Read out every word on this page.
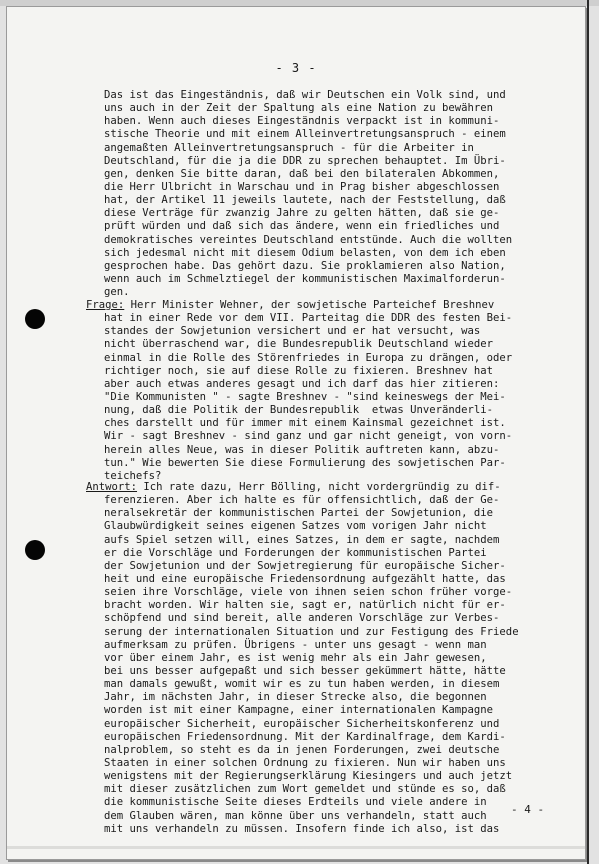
- 3 -
Das ist das Eingeständnis, daß wir Deutschen ein Volk sind, und
uns auch in der Zeit der Spaltung als eine Nation zu bewähren
haben. Wenn auch dieses Eingeständnis verpackt ist in kommuni-
stische Theorie und mit einem Alleinvertretungsanspruch - einem
angemaßten Alleinvertretungsanspruch - für die Arbeiter in
Deutschland, für die ja die DDR zu sprechen behauptet. Im Übri-
gen, denken Sie bitte daran, daß bei den bilateralen Abkommen,
die Herr Ulbricht in Warschau und in Prag bisher abgeschlossen
hat, der Artikel 11 jeweils lautete, nach der Feststellung, daß
diese Verträge für zwanzig Jahre zu gelten hätten, daß sie ge-
prüft würden und daß sich das ändere, wenn ein friedliches und
demokratisches vereintes Deutschland entstünde. Auch die wollten
sich jedesmal nicht mit diesem Odium belasten, von dem ich eben
gesprochen habe. Das gehört dazu. Sie proklamieren also Nation,
wenn auch im Schmelztiegel der kommunistischen Maximalforderun-
gen.
Frage: Herr Minister Wehner, der sowjetische Parteichef Breshnev
hat in einer Rede vor dem VII. Parteitag die DDR des festen Bei-
standes der Sowjetunion versichert und er hat versucht, was
nicht überraschend war, die Bundesrepublik Deutschland wieder
einmal in die Rolle des Störenfriedes in Europa zu drängen, oder
richtiger noch, sie auf diese Rolle zu fixieren. Breshnev hat
aber auch etwas anderes gesagt und ich darf das hier zitieren:
"Die Kommunisten " - sagte Breshnev - "sind keineswegs der Mei-
nung, daß die Politik der Bundesrepublik  etwas Unveränderli-
ches darstellt und für immer mit einem Kainsmal gezeichnet ist.
Wir - sagt Breshnev - sind ganz und gar nicht geneigt, von vorn-
herein alles Neue, was in dieser Politik auftreten kann, abzu-
tun." Wie bewerten Sie diese Formulierung des sowjetischen Par-
teichefs?
Antwort: Ich rate dazu, Herr Bölling, nicht vordergründig zu dif-
ferenzieren. Aber ich halte es für offensichtlich, daß der Ge-
neralsekretär der kommunistischen Partei der Sowjetunion, die
Glaubwürdigkeit seines eigenen Satzes vom vorigen Jahr nicht
aufs Spiel setzen will, eines Satzes, in dem er sagte, nachdem
er die Vorschläge und Forderungen der kommunistischen Partei
der Sowjetunion und der Sowjetregierung für europäische Sicher-
heit und eine europäische Friedensordnung aufgezählt hatte, das
seien ihre Vorschläge, viele von ihnen seien schon früher vorge-
bracht worden. Wir halten sie, sagt er, natürlich nicht für er-
schöpfend und sind bereit, alle anderen Vorschläge zur Verbes-
serung der internationalen Situation und zur Festigung des Friede
aufmerksam zu prüfen. Übrigens - unter uns gesagt - wenn man
vor über einem Jahr, es ist wenig mehr als ein Jahr gewesen,
bei uns besser aufgepaßt und sich besser gekümmert hätte, hätte
man damals gewußt, womit wir es zu tun haben werden, in diesem
Jahr, im nächsten Jahr, in dieser Strecke also, die begonnen
worden ist mit einer Kampagne, einer internationalen Kampagne
europäischer Sicherheit, europäischer Sicherheitskonferenz und
europäischen Friedensordnung. Mit der Kardinalfrage, dem Kardi-
nalproblem, so steht es da in jenen Forderungen, zwei deutsche
Staaten in einer solchen Ordnung zu fixieren. Nun wir haben uns
wenigstens mit der Regierungserklärung Kiesingers und auch jetzt
mit dieser zusätzlichen zum Wort gemeldet und stünde es so, daß
die kommunistische Seite dieses Erdteils und viele andere in
dem Glauben wären, man könne über uns verhandeln, statt auch
mit uns verhandeln zu müssen. Insofern finde ich also, ist das
- 4 -
